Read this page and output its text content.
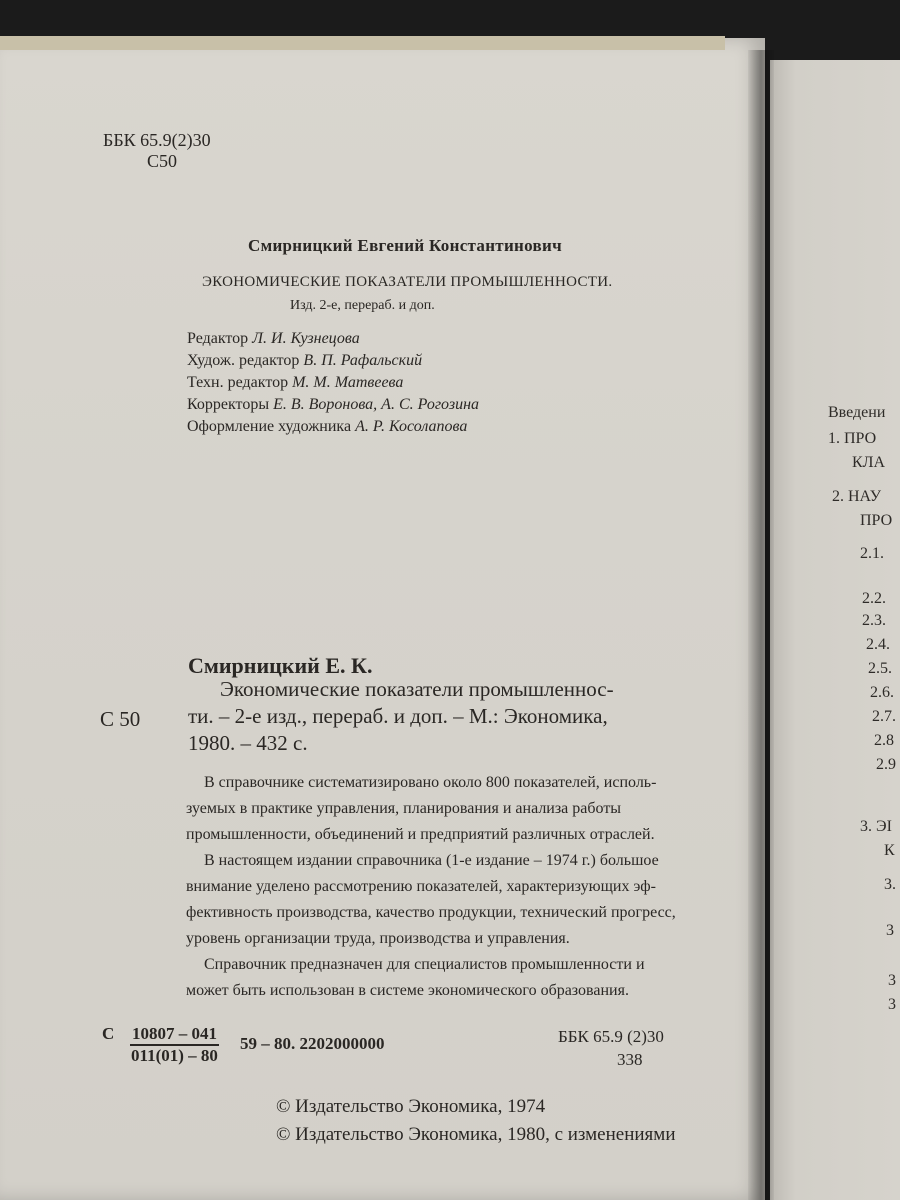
ББК 65.9(2)30
С50
Смирницкий Евгений Константинович
ЭКОНОМИЧЕСКИЕ ПОКАЗАТЕЛИ ПРОМЫШЛЕННОСТИ.
Изд. 2-е, перераб. и доп.
Редактор Л. И. Кузнецова
Худож. редактор В. П. Рафальский
Техн. редактор М. М. Матвеева
Корректоры Е. В. Воронова, А. С. Рогозина
Оформление художника А. Р. Косолапова
Смирницкий Е. К.
С 50
Экономические показатели промышленнос-
ти. – 2-е изд., перераб. и доп. – М.: Экономика,
1980. – 432 с.
В справочнике систематизировано около 800 показателей, исполь-
зуемых в практике управления, планирования и анализа работы
промышленности, объединений и предприятий различных отраслей.
В настоящем издании справочника (1-е издание – 1974 г.) большое
внимание уделено рассмотрению показателей, характеризующих эф-
фективность производства, качество продукции, технический прогресс,
уровень организации труда, производства и управления.
Справочник предназначен для специалистов промышленности и
может быть использован в системе экономического образования.
С $\frac{10807 - 041}{011(01) - 80} 59 - 80$. 2202000000	ББК 65.9 (2)30
338
© Издательство Экономика, 1974
© Издательство Экономика, 1980, с изменениями
Введени
1. ПРО
КЛА
2. НАУ
ПРО
2.1.
2.2.
2.3.
2.4.
2.5.
2.6.
2.7.
2.8
2.9
3. ЭІ
К
3.
3
3
3
